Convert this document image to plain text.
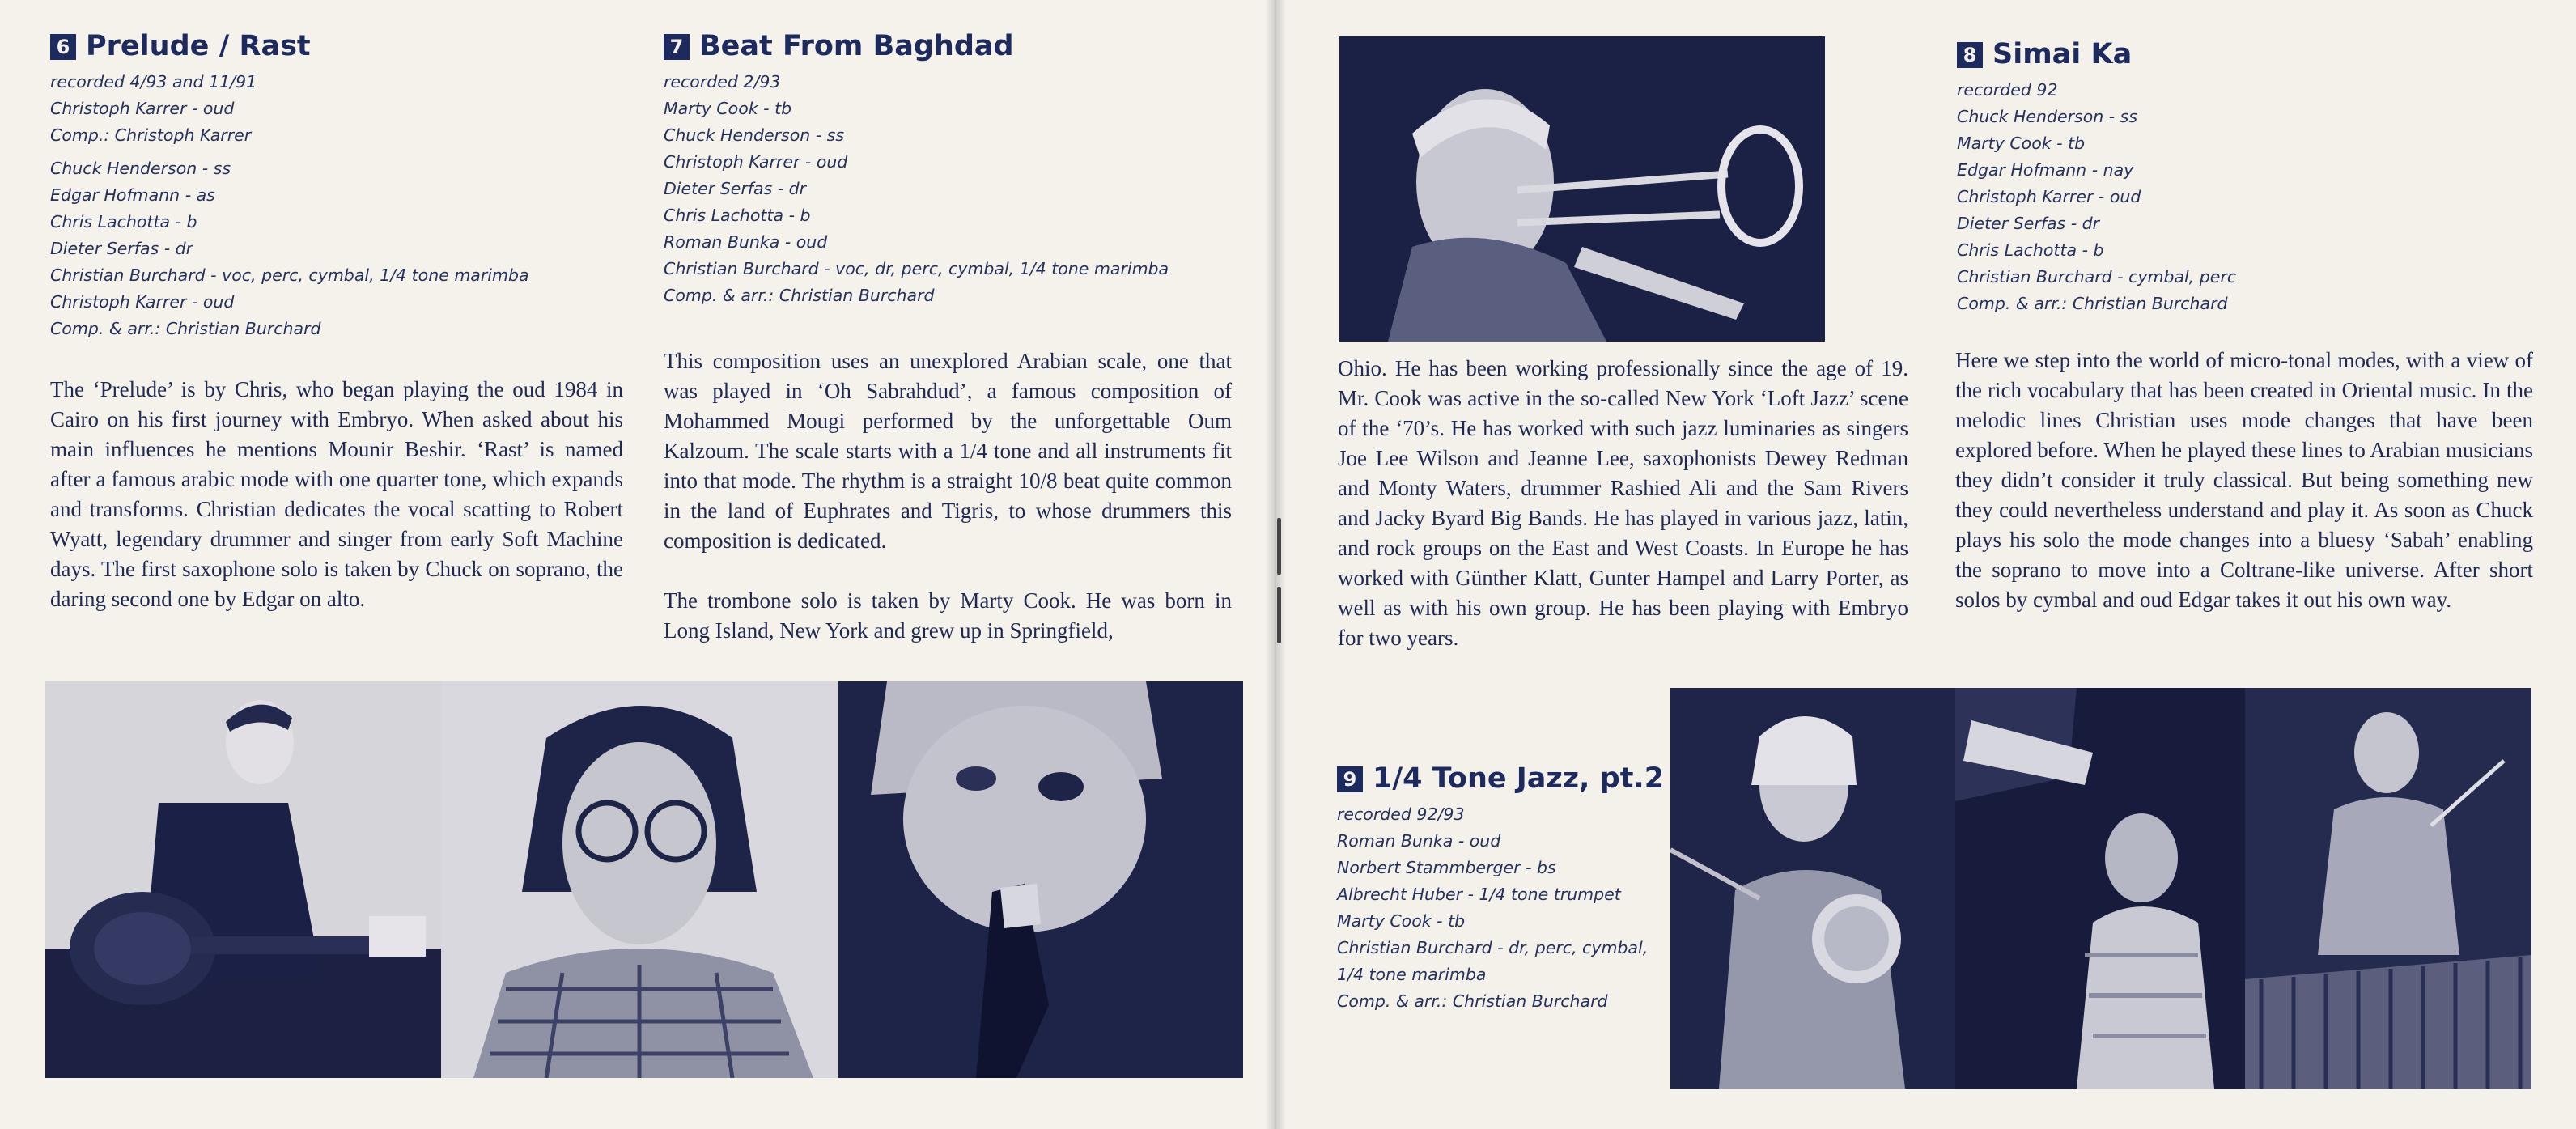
6 Prelude / Rast
recorded 4/93 and 11/91
Christoph Karrer - oud
Comp.: Christoph Karrer
Chuck Henderson - ss
Edgar Hofmann - as
Chris Lachotta - b
Dieter Serfas - dr
Christian Burchard - voc, perc, cymbal, 1/4 tone marimba
Christoph Karrer - oud
Comp. & arr.: Christian Burchard

The ‘Prelude’ is by Chris, who began playing the oud 1984 in Cairo on his first journey with Embryo. When asked about his main influences he mentions Mounir Beshir. ‘Rast’ is named after a famous arabic mode with one quarter tone, which expands and transforms. Christian dedicates the vocal scatting to Robert Wyatt, legendary drummer and singer from early Soft Machine days. The first saxophone solo is taken by Chuck on soprano, the daring second one by Edgar on alto.

7 Beat From Baghdad
recorded 2/93
Marty Cook - tb
Chuck Henderson - ss
Christoph Karrer - oud
Dieter Serfas - dr
Chris Lachotta - b
Roman Bunka - oud
Christian Burchard - voc, dr, perc, cymbal, 1/4 tone marimba
Comp. & arr.: Christian Burchard

This composition uses an unexplored Arabian scale, one that was played in ‘Oh Sabrahdud’, a famous composition of Mohammed Mougi performed by the unforgettable Oum Kalzoum. The scale starts with a 1/4 tone and all instruments fit into that mode. The rhythm is a straight 10/8 beat quite common in the land of Euphrates and Tigris, to whose drummers this composition is dedicated.

The trombone solo is taken by Marty Cook. He was born in Long Island, New York and grew up in Springfield,

Ohio. He has been working professionally since the age of 19. Mr. Cook was active in the so-called New York ‘Loft Jazz’ scene of the ‘70’s. He has worked with such jazz luminaries as singers Joe Lee Wilson and Jeanne Lee, saxophonists Dewey Redman and Monty Waters, drummer Rashied Ali and the Sam Rivers and Jacky Byard Big Bands. He has played in various jazz, latin, and rock groups on the East and West Coasts. In Europe he has worked with Günther Klatt, Gunter Hampel and Larry Porter, as well as with his own group. He has been playing with Embryo for two years.

8 Simai Ka
recorded 92
Chuck Henderson - ss
Marty Cook - tb
Edgar Hofmann - nay
Christoph Karrer - oud
Dieter Serfas - dr
Chris Lachotta - b
Christian Burchard - cymbal, perc
Comp. & arr.: Christian Burchard

Here we step into the world of micro-tonal modes, with a view of the rich vocabulary that has been created in Oriental music. In the melodic lines Christian uses mode changes that have been explored before. When he played these lines to Arabian musicians they didn’t consider it truly classical. But being something new they could nevertheless understand and play it. As soon as Chuck plays his solo the mode changes into a bluesy ‘Sabah’ enabling the soprano to move into a Coltrane-like universe. After short solos by cymbal and oud Edgar takes it out his own way.

9 1/4 Tone Jazz, pt.2
recorded 92/93
Roman Bunka - oud
Norbert Stammberger - bs
Albrecht Huber - 1/4 tone trumpet
Marty Cook - tb
Christian Burchard - dr, perc, cymbal,
1/4 tone marimba
Comp. & arr.: Christian Burchard
